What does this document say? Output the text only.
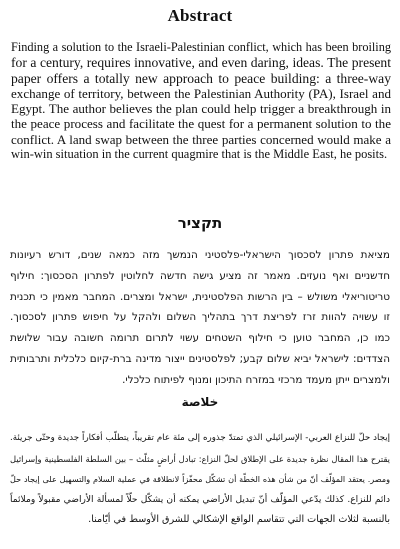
Abstract
Finding a solution to the Israeli-Palestinian conflict, which has been broiling
for a century, requires innovative, and even daring, ideas. The present
paper offers a totally new approach to peace building: a three-way
exchange of territory, between the Palestinian Authority (PA), Israel and
Egypt. The author believes the plan could help trigger a breakthrough in
the peace process and facilitate the quest for a permanent solution to the
conflict. A land swap between the three parties concerned would make a
win-win situation in the current quagmire that is the Middle East, he posits.
תקציר
מציאת פתרון לסכסוך הישראלי-פלסטיני הנמשך מזה כמאה שנים, דורש רעיונות
חדשניים ואף נועזים. מאמר זה מציע גישה חדשה לחלוטין לפתרון הסכסוך: חילוף
טריטוריאלי משולש – בין הרשות הפלסטינית, ישראל ומצרים. המחבר מאמין כי תכנית
זו עשויה להוות זרז לפריצת דרך בתהליך השלום ולהקל על חיפוש פתרון לסכסוך.
כמו כן, המחבר טוען כי חילוף השטחים עשוי לתרום תרומה חשובה עבור שלושת
הצדדים: לישראל יביא שלום קבע; לפלסטינים ייצור מדינה ברת-קיום כלכלית ותרבותית
ולמצרים ייתן מעמד מרכזי במזרח התיכון ומנוף לפיתוח כלכלי.
خلاصة
إيجاد حلّ للنزاع العربي- الإسرائيلي الذي تمتدّ جذوره إلى مئة عام تقريباً، يتطلّب أفكاراً جديدة وحتّى جريئة.
يقترح هذا المقال نظرة جديدة على الإطلاق لحلّ النزاع: تبادل أراضٍ مثلّث – بين السلطة الفلسطينية وإسرائيل
ومصر. يعتقد المؤلّف أنّ من شأن هذه الخطّة أن تشكّل محفّزاً لانطلاقة في عملية السلام والتسهيل على إيجاد حلّ
دائم للنزاع. كذلك يدّعي المؤلّف أنّ تبديل الأراضي يمكنه أن يشكّل حلّاً لمسألة الأراضي مقبولاً وملائماً
بالنسبة لثلاث الجهات التي تتقاسم الواقع الإشكالي للشرق الأوسط في أيّامنا.
